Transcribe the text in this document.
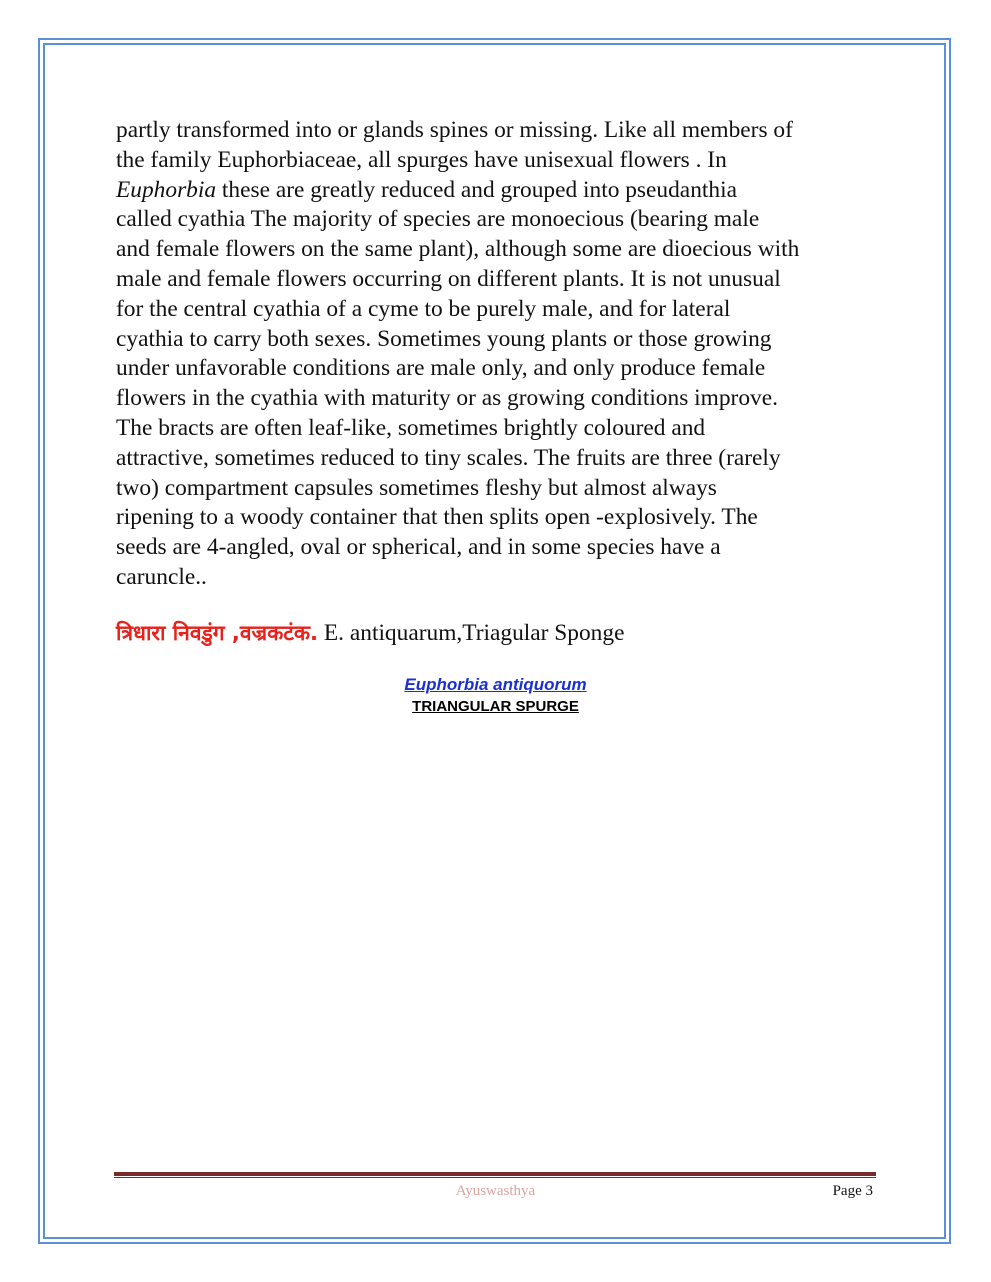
partly transformed into or glands spines or missing. Like all members of
the family Euphorbiaceae, all spurges have unisexual flowers . In
Euphorbia these are greatly reduced and grouped into pseudanthia
called cyathia The majority of species are monoecious (bearing male
and female flowers on the same plant), although some are dioecious with
male and female flowers occurring on different plants. It is not unusual
for the central cyathia of a cyme to be purely male, and for lateral
cyathia to carry both sexes. Sometimes young plants or those growing
under unfavorable conditions are male only, and only produce female
flowers in the cyathia with maturity or as growing conditions improve.
The bracts are often leaf-like, sometimes brightly coloured and
attractive, sometimes reduced to tiny scales. The fruits are three (rarely
two) compartment capsules sometimes fleshy but almost always
ripening to a woody container that then splits open -explosively. The
seeds are 4-angled, oval or spherical, and in some species have a
caruncle..
त्रिधारा निवडुंग ,वज्रकटंक. E. antiquarum,Triagular Sponge
Euphorbia antiquorum
TRIANGULAR SPURGE
Ayuswasthya	Page 3
